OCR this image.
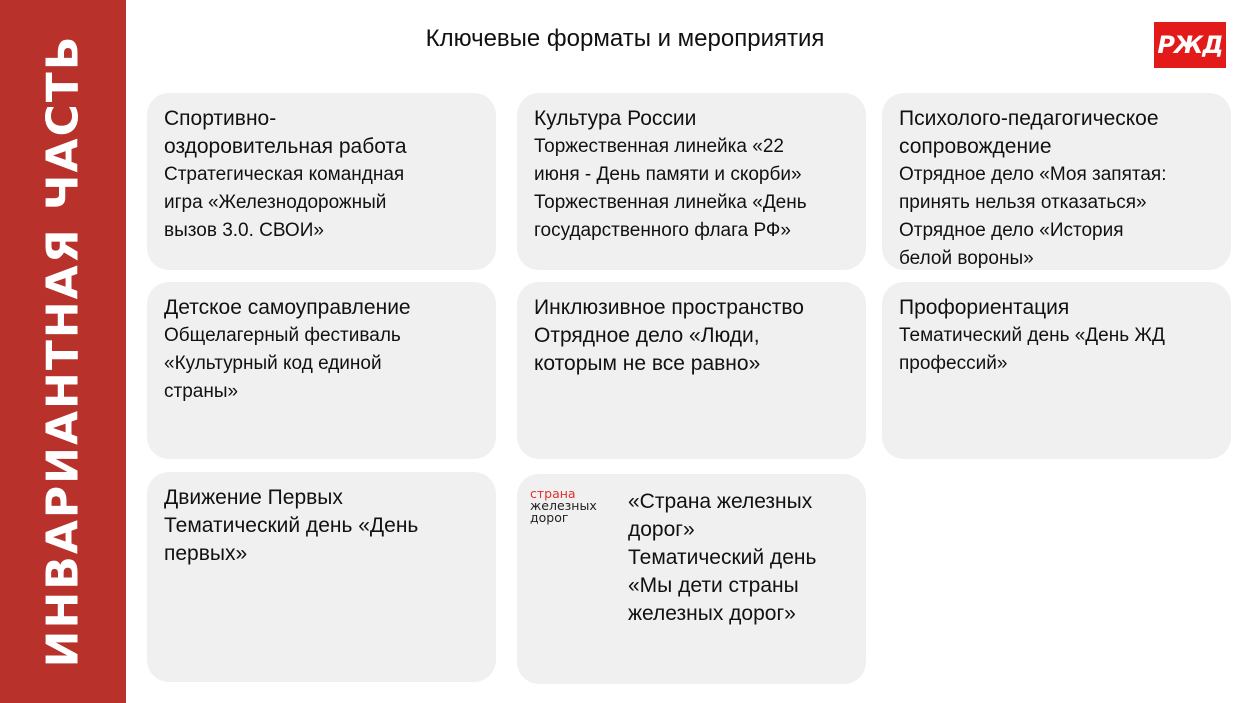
ИНВАРИАНТНАЯ ЧАСТЬ	Ключевые форматы и мероприятия	РЖД
Спортивно-
оздоровительная работа
Стратегическая командная
игра «Железнодорожный
вызов 3.0. СВОИ»
Культура России
Торжественная линейка «22
июня - День памяти и скорби»
Торжественная линейка «День
государственного флага РФ»
Психолого-педагогическое
сопровождение
Отрядное дело «Моя запятая:
принять нельзя отказаться»
Отрядное дело «История
белой вороны»
Детское самоуправление
Общелагерный фестиваль
«Культурный код единой
страны»
Инклюзивное пространство
Отрядное дело «Люди,
которым не все равно»
Профориентация
Тематический день «День ЖД
профессий»
Движение Первых
Тематический день «День
первых»
страна
железных
дорог
«Страна железных
дорог»
Тематический день
«Мы дети страны
железных дорог»
